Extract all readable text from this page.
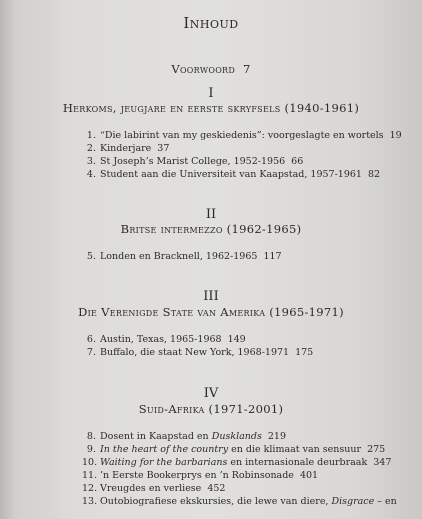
Inhoud
Voorwoord 7
I
Herkoms, jeugjare en eerste skryfsels (1940-1961)
1. “Die labirint van my geskiedenis”: voorgeslagte en wortels 19
2. Kinderjare 37
3. St Joseph’s Marist College, 1952-1956 66
4. Student aan die Universiteit van Kaapstad, 1957-1961 82
II
Britse intermezzo (1962-1965)
5. Londen en Bracknell, 1962-1965 117
III
Die Verenigde State van Amerika (1965-1971)
6. Austin, Texas, 1965-1968 149
7. Buffalo, die staat New York, 1968-1971 175
IV
Suid-Afrika (1971-2001)
8. Dosent in Kaapstad en Dusklands 219
9. In the heart of the country en die klimaat van sensuur 275
10. Waiting for the barbarians en internasionale deurbraak 347
11. ’n Eerste Bookerprys en ’n Robinsonade 401
12. Vreugdes en verliese 452
13. Outobiografiese ekskursies, die lewe van diere, Disgrace – en
